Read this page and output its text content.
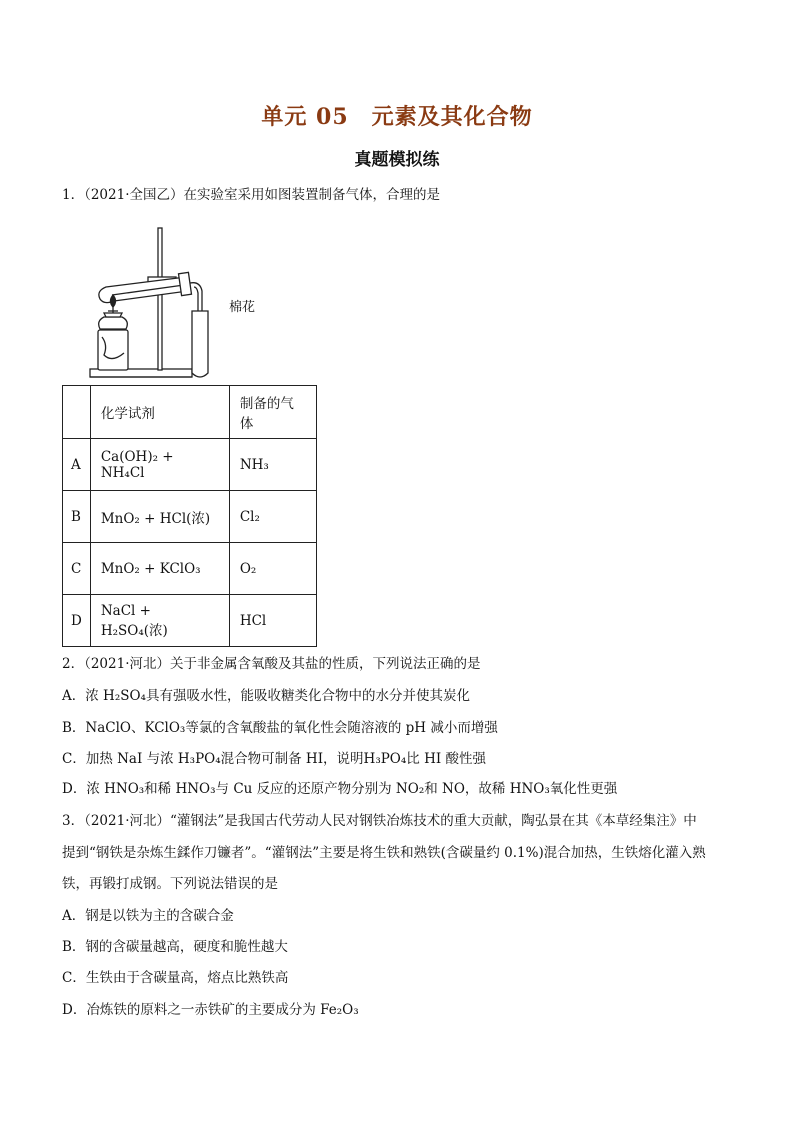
单元 05　元素及其化合物
真题模拟练
1．（2021·全国乙）在实验室采用如图装置制备气体，合理的是
棉花
	化学试剂	制备的气体
A	Ca(OH)₂ + NH₄Cl	NH₃
B	MnO₂ + HCl(浓)	Cl₂
C	MnO₂ + KClO₃	O₂
D	NaCl + H₂SO₄(浓)	HCl
2．（2021·河北）关于非金属含氧酸及其盐的性质，下列说法正确的是
A．浓 H₂SO₄具有强吸水性，能吸收糖类化合物中的水分并使其炭化
B．NaClO、KClO₃等氯的含氧酸盐的氧化性会随溶液的 pH 减小而增强
C．加热 NaI 与浓 H₃PO₄混合物可制备 HI，说明H₃PO₄比 HI 酸性强
D．浓 HNO₃和稀 HNO₃与 Cu 反应的还原产物分别为 NO₂和 NO，故稀 HNO₃氧化性更强
3．（2021·河北）“灌钢法”是我国古代劳动人民对钢铁冶炼技术的重大贡献，陶弘景在其《本草经集注》中
提到“钢铁是杂炼生鍒作刀镰者”。“灌钢法”主要是将生铁和熟铁(含碳量约 0.1%)混合加热，生铁熔化灌入熟
铁，再锻打成钢。下列说法错误的是
A．钢是以铁为主的含碳合金
B．钢的含碳量越高，硬度和脆性越大
C．生铁由于含碳量高，熔点比熟铁高
D．冶炼铁的原料之一赤铁矿的主要成分为 Fe₂O₃
